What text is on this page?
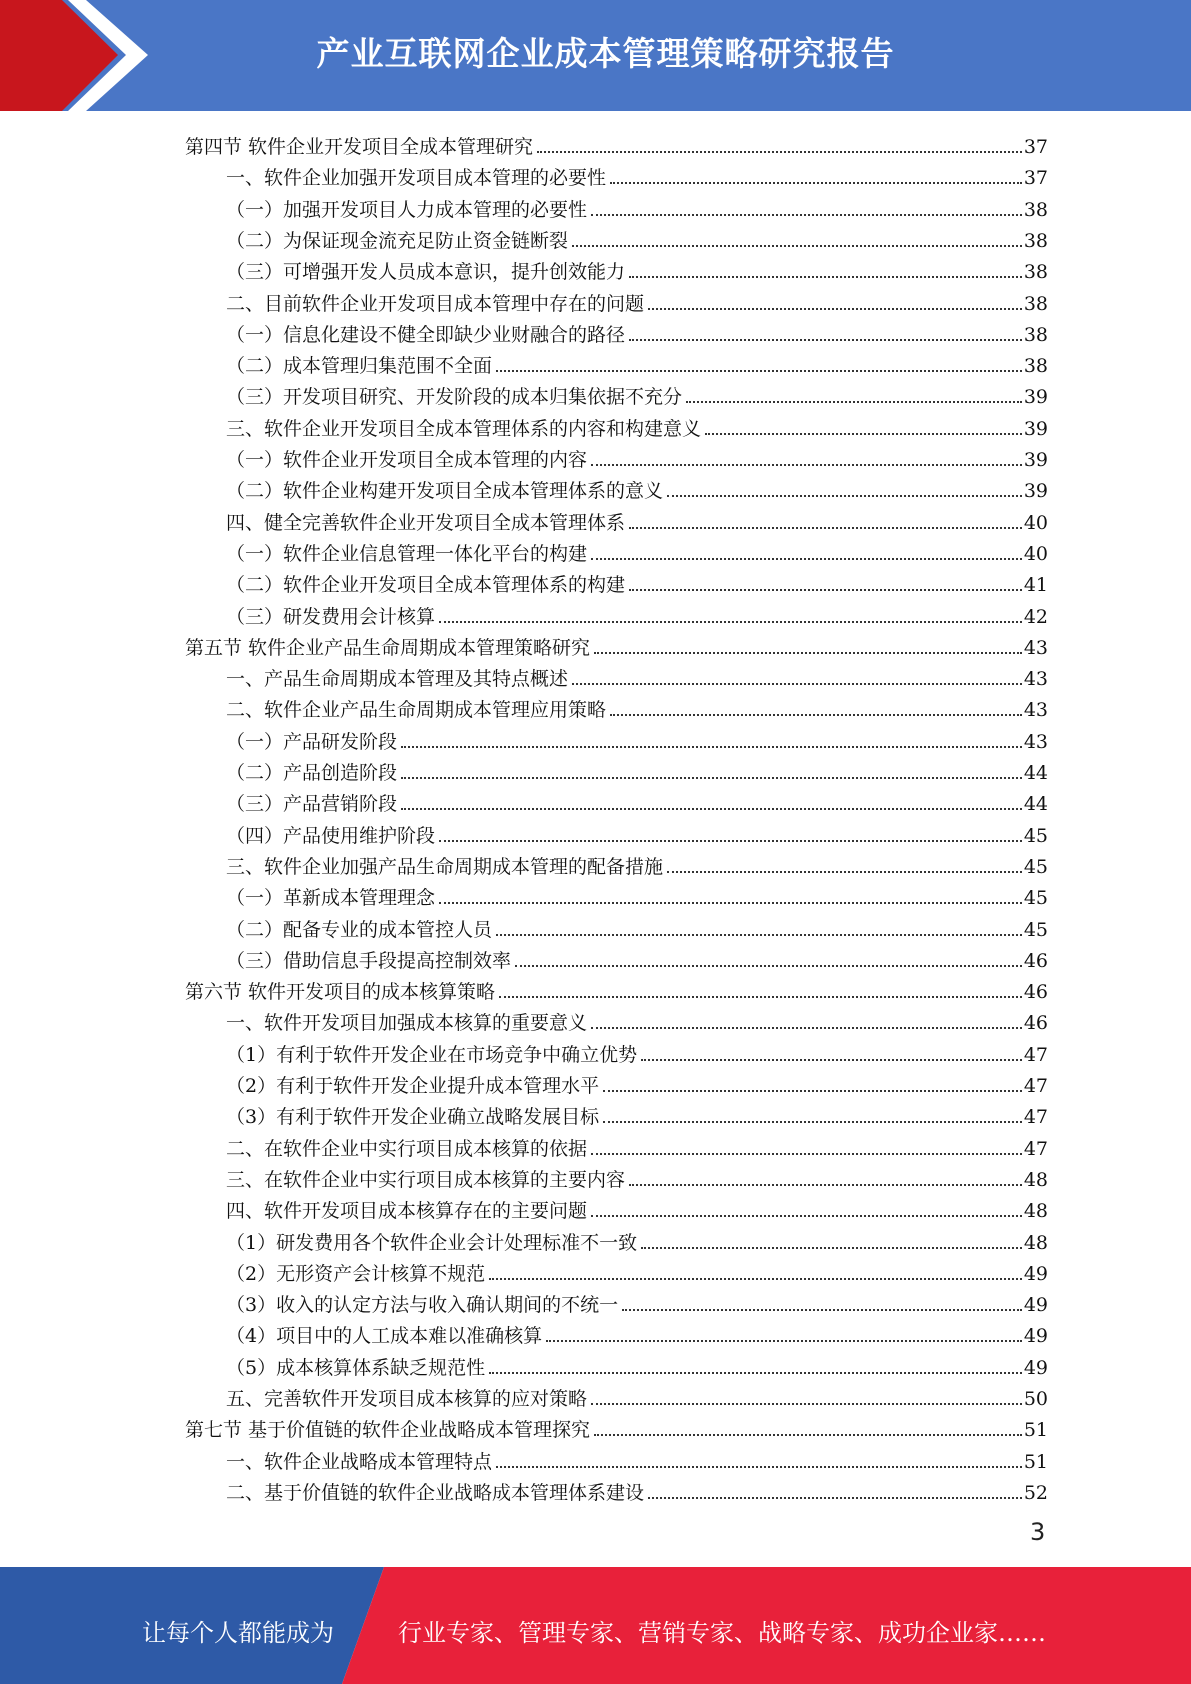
产业互联网企业成本管理策略研究报告
第四节 软件企业开发项目全成本管理研究	37
一、软件企业加强开发项目成本管理的必要性	37
（一）加强开发项目人力成本管理的必要性	38
（二）为保证现金流充足防止资金链断裂	38
（三）可增强开发人员成本意识，提升创效能力	38
二、目前软件企业开发项目成本管理中存在的问题	38
（一）信息化建设不健全即缺少业财融合的路径	38
（二）成本管理归集范围不全面	38
（三）开发项目研究、开发阶段的成本归集依据不充分	39
三、软件企业开发项目全成本管理体系的内容和构建意义	39
（一）软件企业开发项目全成本管理的内容	39
（二）软件企业构建开发项目全成本管理体系的意义	39
四、健全完善软件企业开发项目全成本管理体系	40
（一）软件企业信息管理一体化平台的构建	40
（二）软件企业开发项目全成本管理体系的构建	41
（三）研发费用会计核算	42
第五节 软件企业产品生命周期成本管理策略研究	43
一、产品生命周期成本管理及其特点概述	43
二、软件企业产品生命周期成本管理应用策略	43
（一）产品研发阶段	43
（二）产品创造阶段	44
（三）产品营销阶段	44
（四）产品使用维护阶段	45
三、软件企业加强产品生命周期成本管理的配备措施	45
（一）革新成本管理理念	45
（二）配备专业的成本管控人员	45
（三）借助信息手段提高控制效率	46
第六节 软件开发项目的成本核算策略	46
一、软件开发项目加强成本核算的重要意义	46
（1）有利于软件开发企业在市场竞争中确立优势	47
（2）有利于软件开发企业提升成本管理水平	47
（3）有利于软件开发企业确立战略发展目标	47
二、在软件企业中实行项目成本核算的依据	47
三、在软件企业中实行项目成本核算的主要内容	48
四、软件开发项目成本核算存在的主要问题	48
（1）研发费用各个软件企业会计处理标准不一致	48
（2）无形资产会计核算不规范	49
（3）收入的认定方法与收入确认期间的不统一	49
（4）项目中的人工成本难以准确核算	49
（5）成本核算体系缺乏规范性	49
五、完善软件开发项目成本核算的应对策略	50
第七节 基于价值链的软件企业战略成本管理探究	51
一、软件企业战略成本管理特点	51
二、基于价值链的软件企业战略成本管理体系建设	52
3
让每个人都能成为	行业专家、管理专家、营销专家、战略专家、成功企业家……
